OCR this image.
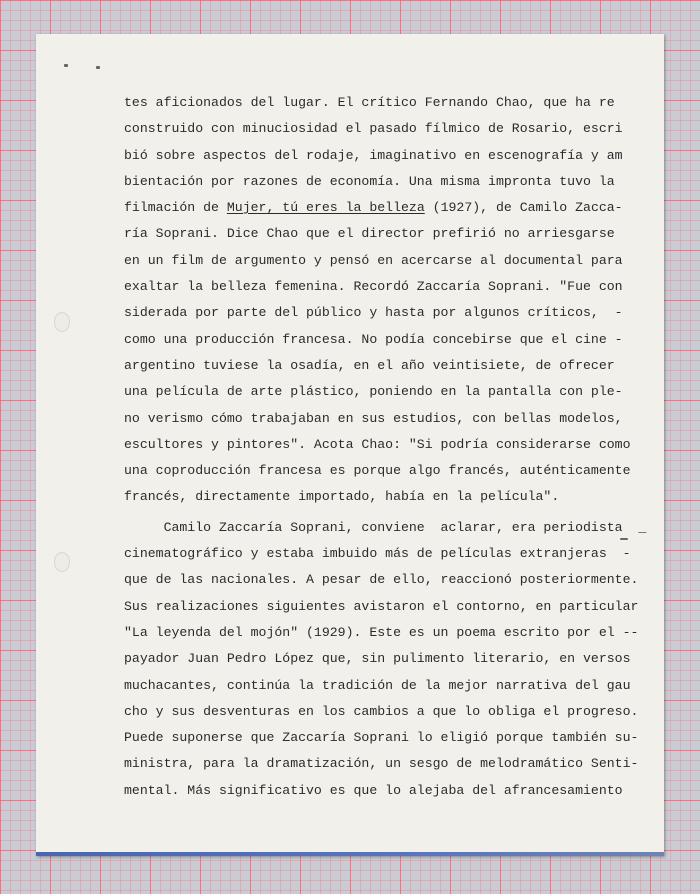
tes aficionados del lugar. El crítico Fernando Chao, que ha re
construido con minuciosidad el pasado fílmico de Rosario, escri
bió sobre aspectos del rodaje, imaginativo en escenografía y am
bientación por razones de economía. Una misma impronta tuvo la
filmación de Mujer, tú eres la belleza (1927), de Camilo Zacca-
ría Soprani. Dice Chao que el director prefirió no arriesgarse
en un film de argumento y pensó en acercarse al documental para
exaltar la belleza femenina. Recordó Zaccaría Soprani. "Fue con
siderada por parte del público y hasta por algunos críticos,  -
como una producción francesa. No podía concebirse que el cine -
argentino tuviese la osadía, en el año veintisiete, de ofrecer
una película de arte plástico, poniendo en la pantalla con ple-
no verismo cómo trabajaban en sus estudios, con bellas modelos,
escultores y pintores". Acota Chao: "Si podría considerarse como
una coproducción francesa es porque algo francés, auténticamente
francés, directamente importado, había en la película".
Camilo Zaccaría Soprani, conviene  aclarar, era periodista  _
cinematográfico y estaba imbuido más de películas extranjeras  -
que de las nacionales. A pesar de ello, reaccionó posteriormente.
Sus realizaciones siguientes avistaron el contorno, en particular
"La leyenda del mojón" (1929). Este es un poema escrito por el --
payador Juan Pedro López que, sin pulimento literario, en versos
muchacantes, continúa la tradición de la mejor narrativa del gau
cho y sus desventuras en los cambios a que lo obliga el progreso.
Puede suponerse que Zaccaría Soprani lo eligió porque también su-
ministra, para la dramatización, un sesgo de melodramático Senti-
mental. Más significativo es que lo alejaba del afrancesamiento
